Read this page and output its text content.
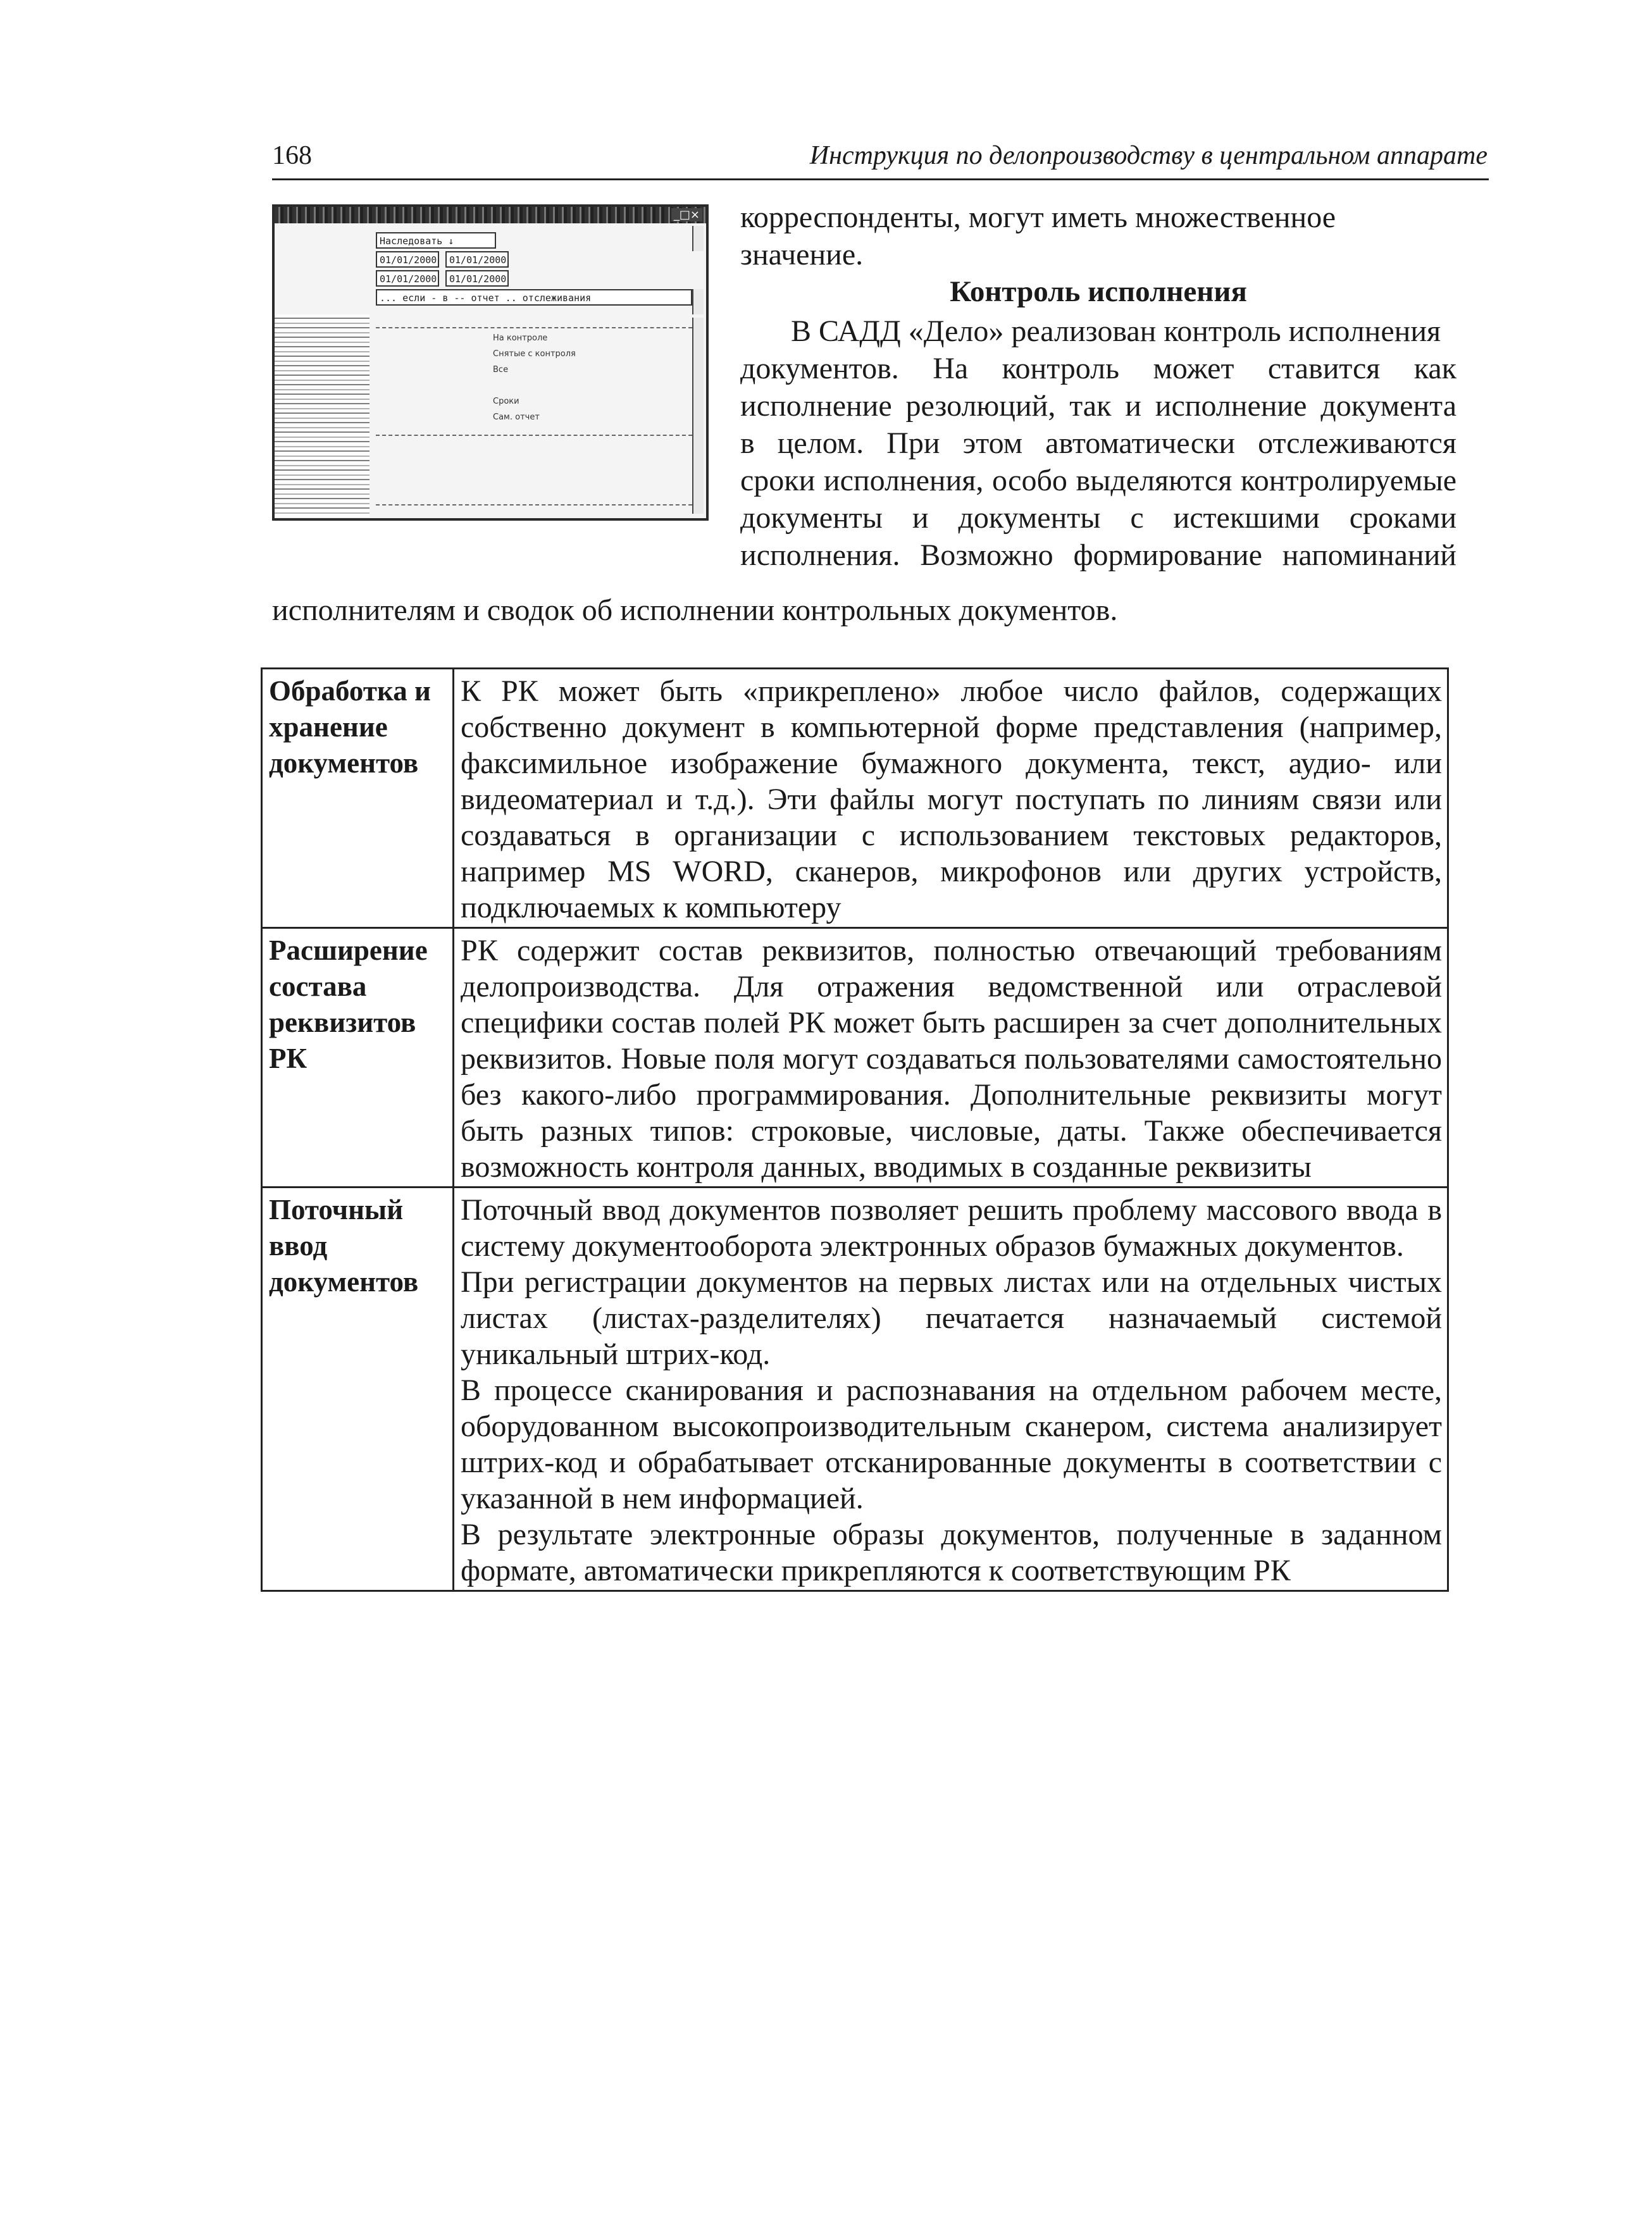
168	Инструкция по делопроизводству в центральном аппарате
_□×
Наследовать ↓
01/01/2000	01/01/2000
01/01/2000	01/01/2000
... если - в -- отчет .. отслеживания
На контроле
Снятые с контроля
Все
Сроки
Сам. отчет

корреспонденты, могут иметь множественное

значение.

Контроль исполнения
В САДД «Дело» реализован контроль исполнения
документов. На контроль может ставится как
исполнение резолюций, так и исполнение документа
в целом. При этом автоматически отслеживаются
сроки исполнения, особо выделяются контролируемые
документы и документы с истекшими сроками
исполнения. Возможно формирование напоминаний
исполнителям и сводок об исполнении контрольных документов.
Обработка и хранение документов	К РК может быть «прикреплено» любое число файлов, содержащих собственно документ в компьютерной форме представления (например, факсимильное изображение бумажного документа, текст, аудио- или видеоматериал и т.д.). Эти файлы могут поступать по линиям связи или создаваться в организации с использованием текстовых редакторов, например MS WORD, сканеров, микрофонов или других устройств, подключаемых к компьютеру

Расширение состава реквизитов РК	РК содержит состав реквизитов, полностью отвечающий требованиям делопроизводства. Для отражения ведомственной или отраслевой специфики состав полей РК может быть расширен за счет дополнительных реквизитов. Новые поля могут создаваться пользователями самостоятельно без какого-либо программирования. Дополнительные реквизиты могут быть разных типов: строковые, числовые, даты. Также обеспечивается возможность контроля данных, вводимых в созданные реквизиты

Поточный ввод документов	Поточный ввод документов позволяет решить проблему массового ввода в систему документооборота электронных образов бумажных документов.

При регистрации документов на первых листах или на отдельных чистых листах (листах-разделителях) печатается назначаемый системой уникальный штрих-код.

В процессе сканирования и распознавания на отдельном рабочем месте, оборудованном высокопроизводительным сканером, система анализирует штрих-код и обрабатывает отсканированные документы в соответствии с указанной в нем информацией.

В результате электронные образы документов, полученные в заданном формате, автоматически прикрепляются к соответствующим РК
